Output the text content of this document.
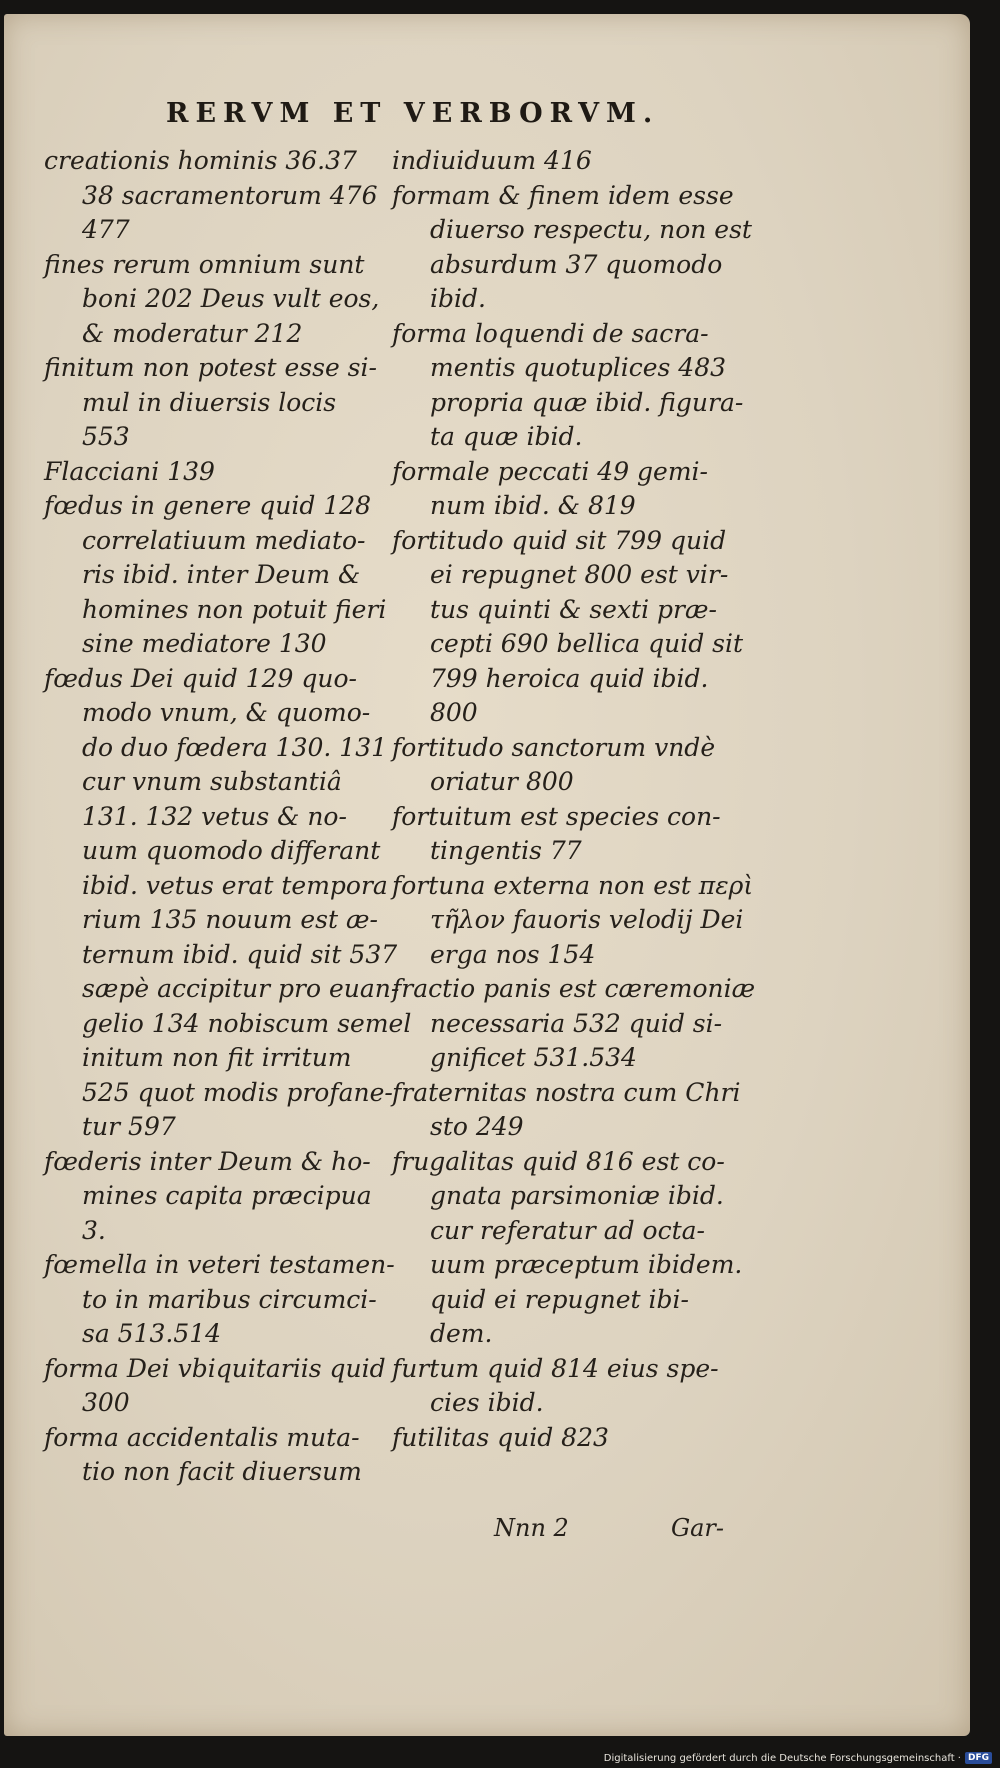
RERVM ET VERBORVM.
creationis hominis 36.37
38 sacramentorum 476
477
fines rerum omnium sunt
boni 202 Deus vult eos,
& moderatur 212
finitum non potest esse si-
mul in diuersis locis
553
Flacciani 139
fœdus in genere quid 128
correlatiuum mediato-
ris ibid. inter Deum &
homines non potuit fieri
sine mediatore 130
fœdus Dei quid 129 quo-
modo vnum, & quomo-
do duo fœdera 130. 131
cur vnum substantiâ
131. 132 vetus & no-
uum quomodo differant
ibid. vetus erat tempora
rium 135 nouum est æ-
ternum ibid. quid sit 537
sæpè accipitur pro euan-
gelio 134 nobiscum semel
initum non fit irritum
525 quot modis profane-
tur 597
fœderis inter Deum & ho-
mines capita præcipua
3.
fœmella in veteri testamen-
to in maribus circumci-
sa 513.514
forma Dei vbiquitariis quid
300
forma accidentalis muta-
tio non facit diuersum
indiuiduum 416
formam & finem idem esse
diuerso respectu, non est
absurdum 37 quomodo
ibid.
forma loquendi de sacra-
mentis quotuplices 483
propria quæ ibid. figura-
ta quæ ibid.
formale peccati 49 gemi-
num ibid. & 819
fortitudo quid sit 799 quid
ei repugnet 800 est vir-
tus quinti & sexti præ-
cepti 690 bellica quid sit
799 heroica quid ibid.
800
fortitudo sanctorum vndè
oriatur 800
fortuitum est species con-
tingentis 77
fortuna externa non est περὶ
τῆλον fauoris velodij Dei
erga nos 154
fractio panis est cæremoniæ
necessaria 532 quid si-
gnificet 531.534
fraternitas nostra cum Chri
sto 249
frugalitas quid 816 est co-
gnata parsimoniæ ibid.
cur referatur ad octa-
uum præceptum ibidem.
quid ei repugnet ibi-
dem.
furtum quid 814 eius spe-
cies ibid.
futilitas quid 823
Nnn 2	Gar-
Digitalisierung gefördert durch die Deutsche Forschungsgemeinschaft · DFG
